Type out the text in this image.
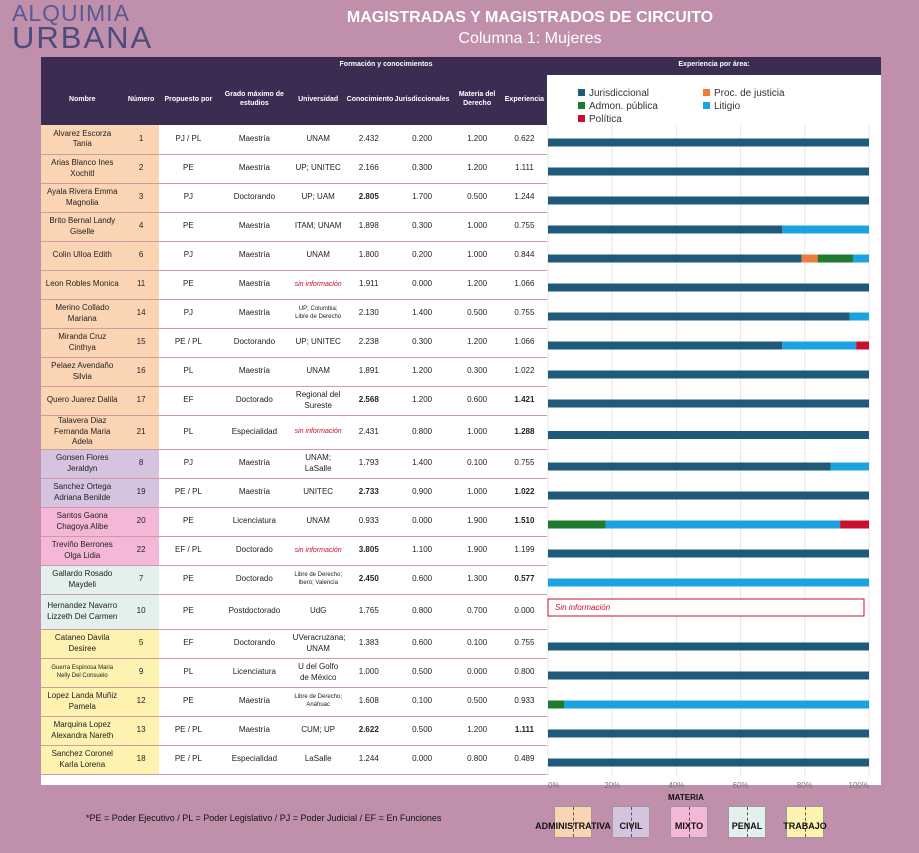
ALQUIMIA
URBANA
MAGISTRADAS Y MAGISTRADOS DE CIRCUITO
Columna 1: Mujeres
Formación y conocimientos	Experiencia por área:
Nombre	Número	Propuesto por	Grado máximo de estudios	Universidad	Conocimiento	Jurisdiccionales	Materia del Derecho	Experiencia
Alvarez Escorza Tania	1	PJ / PL	Maestría	UNAM	2.432	0.200	1.200	0.622
Arias Blanco Ines Xochitl	2	PE	Maestría	UP; UNITEC	2.166	0.300	1.200	1.111
Ayala Rivera Emma Magnolia	3	PJ	Doctorando	UP; UAM	2.805	1.700	0.500	1.244
Brito Bernal Landy Giselle	4	PE	Maestría	ITAM; UNAM	1.898	0.300	1.000	0.755
Colin Ulloa Edith	6	PJ	Maestría	UNAM	1.800	0.200	1.000	0.844
Leon Robles Monica	11	PE	Maestría	sin información	1.911	0.000	1.200	1.066
Merino Collado Mariana	14	PJ	Maestría	UP; Columbia; Libre de Derecho	2.130	1.400	0.500	0.755
Miranda Cruz Cinthya	15	PE / PL	Doctorando	UP; UNITEC	2.238	0.300	1.200	1.066
Pelaez Avendaño Silvia	16	PL	Maestría	UNAM	1.891	1.200	0.300	1.022
Quero Juarez Dalila	17	EF	Doctorado	Regional del Sureste	2.568	1.200	0.600	1.421
Talavera Diaz Fernanda Maria Adela	21	PL	Especialidad	sin información	2.431	0.800	1.000	1.288
Gonsen Flores Jeraldyn	8	PJ	Maestría	UNAM; LaSalle	1.793	1.400	0.100	0.755
Sanchez Ortega Adriana Benilde	19	PE / PL	Maestría	UNITEC	2.733	0.900	1.000	1.022
Santos Gaona Chagoya Alibe	20	PE	Licenciatura	UNAM	0.933	0.000	1.900	1.510
Treviño Berrones Olga Lidia	22	EF / PL	Doctorado	sin información	3.805	1.100	1.900	1.199
Gallardo Rosado Maydeli	7	PE	Doctorado	Libre de Derecho; Ibero; Valencia	2.450	0.600	1.300	0.577
Hernandez Navarro Lizzeth Del Carmen	10	PE	Postdoctorado	UdG	1.765	0.800	0.700	0.000
Cataneo Davila Desiree	5	EF	Doctorando	UVeracruzana; UNAM	1.383	0.600	0.100	0.755
Guerra Espinosa Maria Nelly Del Consuelo	9	PL	Licenciatura	U del Golfo de México	1.000	0.500	0.000	0.800
Lopez Landa Muñiz Pamela	12	PE	Maestría	Libre de Derecho; Anáhuac	1.608	0.100	0.500	0.933
Marquina Lopez Alexandra Nareth	13	PE / PL	Maestría	CUM; UP	2.622	0.500	1.200	1.111
Sanchez Coronel Karla Lorena	18	PE / PL	Especialidad	LaSalle	1.244	0.000	0.800	0.489
0%	20%	40%	60%	80%	100%
Sin información
Jurisdiccional	Proc. de justicia
Admon. pública	Litigio
Política
*PE = Poder Ejecutivo / PL = Poder Legislativo / PJ = Poder Judicial / EF = En Funciones
MATERIA
ADMINISTRATIVA CIVIL	MIXTO	PENAL TRABAJO
